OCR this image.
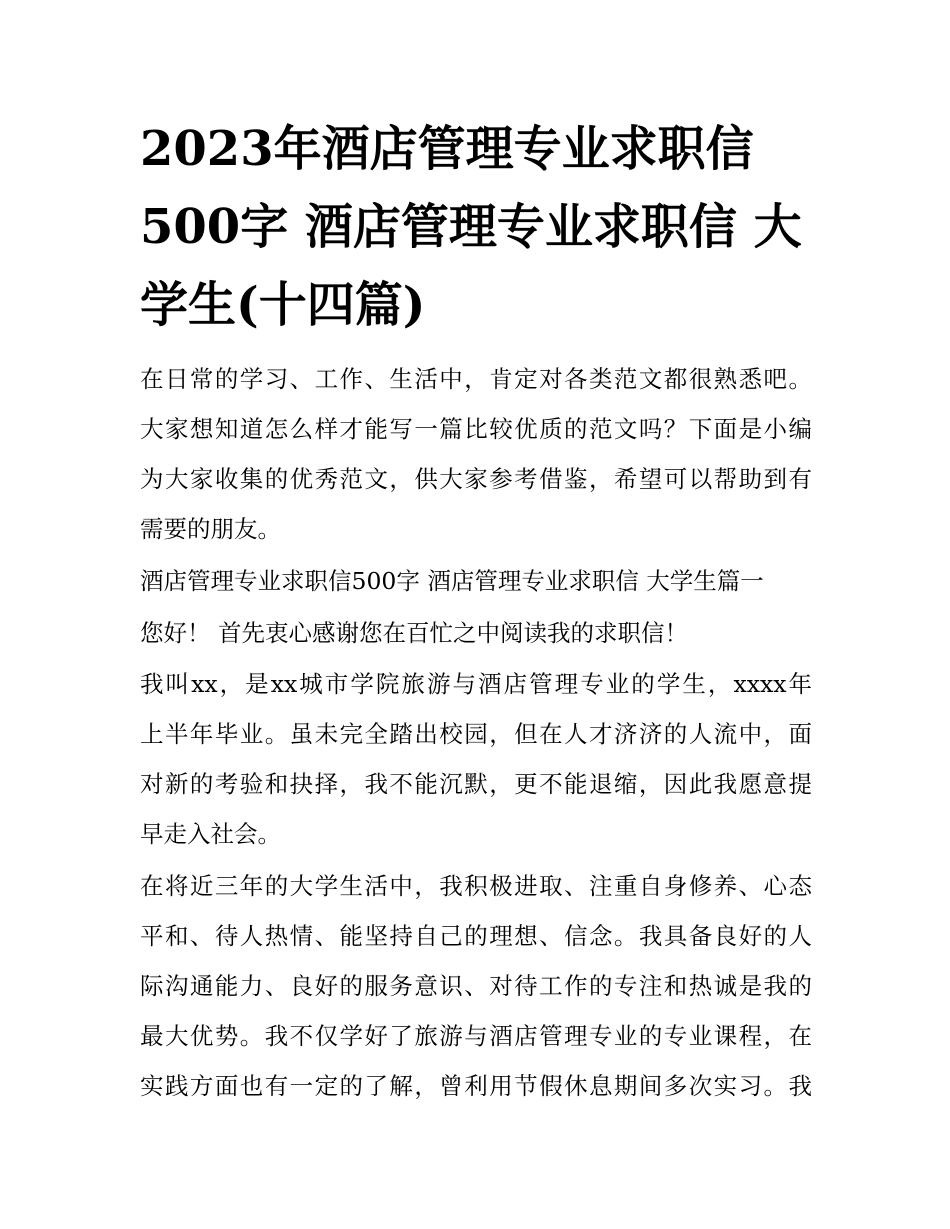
2023年酒店管理专业求职信
500字 酒店管理专业求职信 大
学生(十四篇)
在日常的学习、工作、生活中，肯定对各类范文都很熟悉吧。
大家想知道怎么样才能写一篇比较优质的范文吗？下面是小编
为大家收集的优秀范文，供大家参考借鉴，希望可以帮助到有
需要的朋友。
酒店管理专业求职信500字 酒店管理专业求职信 大学生篇一
您好！ 首先衷心感谢您在百忙之中阅读我的求职信！
我叫xx，是xx城市学院旅游与酒店管理专业的学生，xxxx年
上半年毕业。虽未完全踏出校园，但在人才济济的人流中，面
对新的考验和抉择，我不能沉默，更不能退缩，因此我愿意提
早走入社会。
在将近三年的大学生活中，我积极进取、注重自身修养、心态
平和、待人热情、能坚持自己的理想、信念。我具备良好的人
际沟通能力、良好的服务意识、对待工作的专注和热诚是我的
最大优势。我不仅学好了旅游与酒店管理专业的专业课程，在
实践方面也有一定的了解，曾利用节假休息期间多次实习。我
